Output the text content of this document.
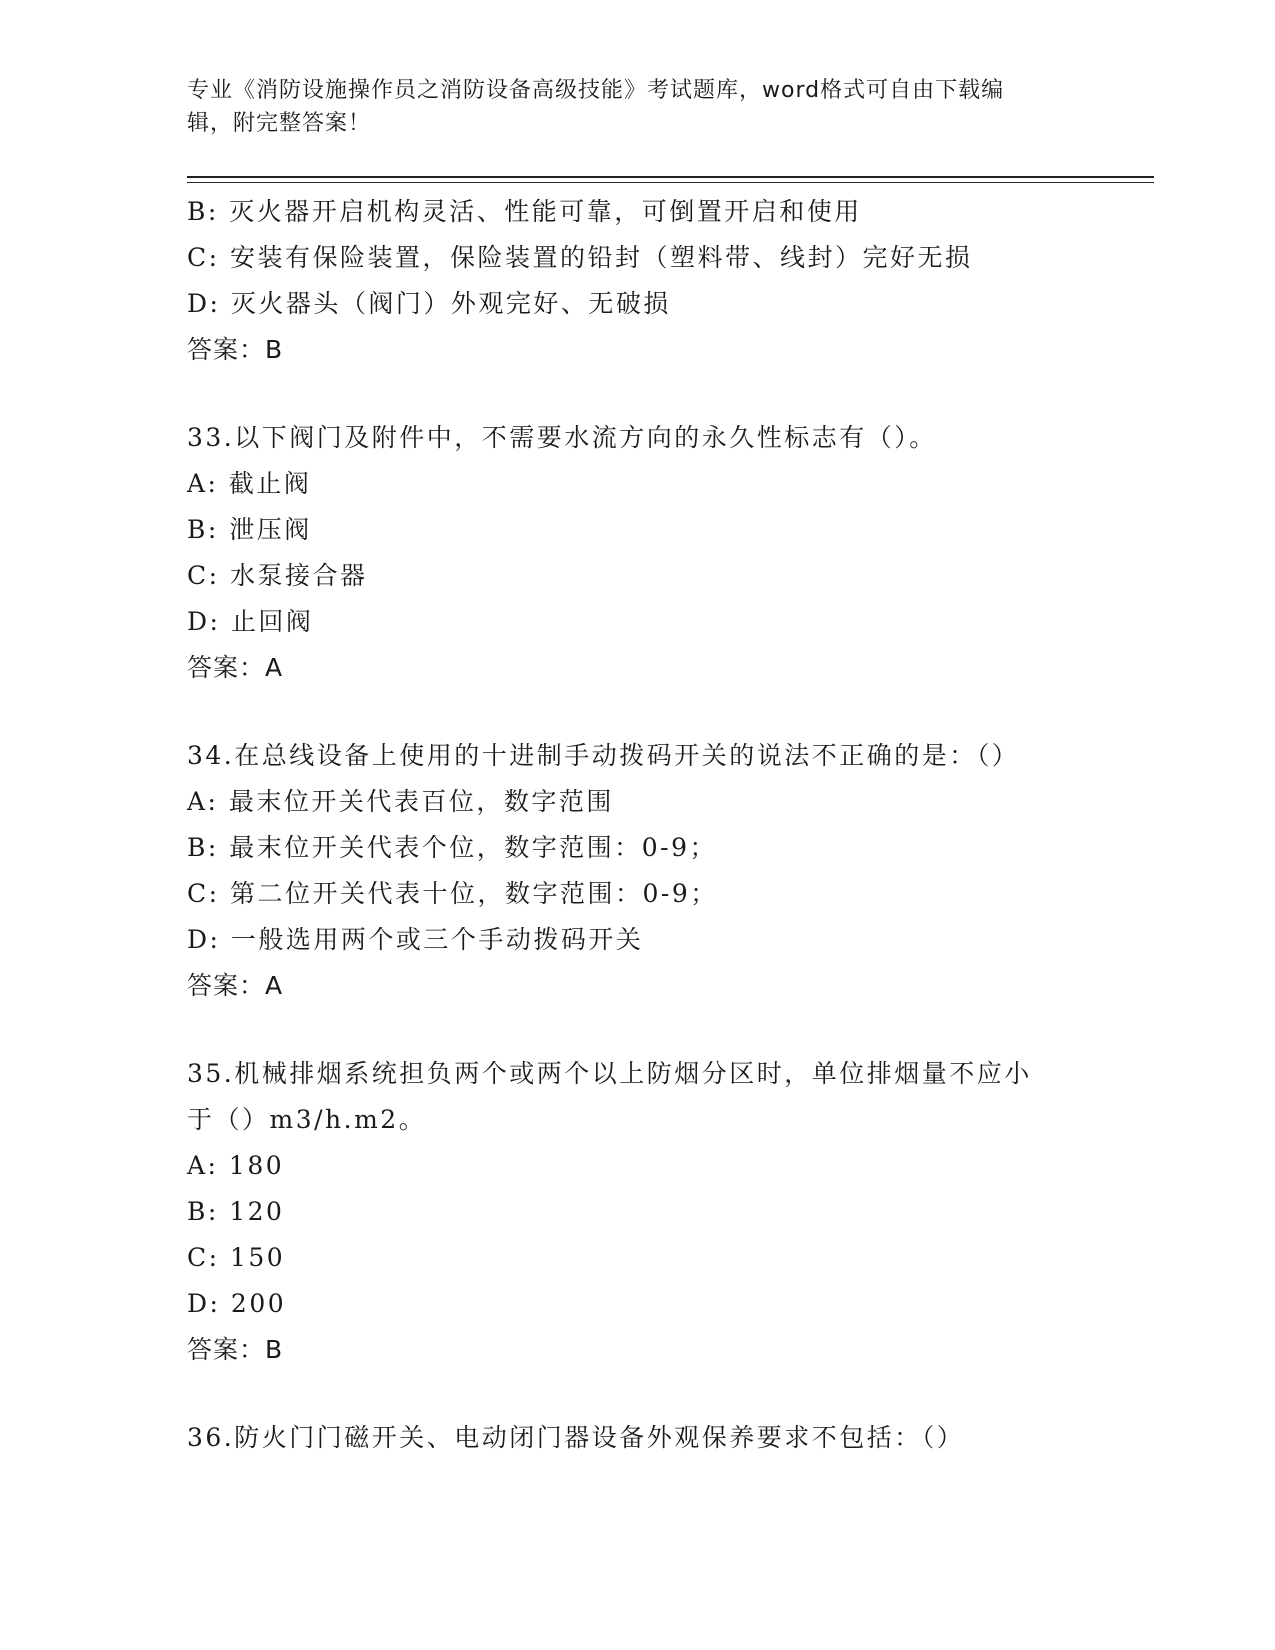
专业《消防设施操作员之消防设备高级技能》考试题库，word格式可自由下载编
辑，附完整答案！
B: 灭火器开启机构灵活、性能可靠，可倒置开启和使用
C: 安装有保险装置，保险装置的铅封（塑料带、线封）完好无损
D: 灭火器头（阀门）外观完好、无破损
答案：B
33.以下阀门及附件中，不需要水流方向的永久性标志有（）。
A: 截止阀
B: 泄压阀
C: 水泵接合器
D: 止回阀
答案：A
34.在总线设备上使用的十进制手动拨码开关的说法不正确的是：（）
A: 最末位开关代表百位，数字范围
B: 最末位开关代表个位，数字范围：0-9；
C: 第二位开关代表十位，数字范围：0-9；
D: 一般选用两个或三个手动拨码开关
答案：A
35.机械排烟系统担负两个或两个以上防烟分区时，单位排烟量不应小
于（）m3/h.m2。
A: 180
B: 120
C: 150
D: 200
答案：B
36.防火门门磁开关、电动闭门器设备外观保养要求不包括：（）
